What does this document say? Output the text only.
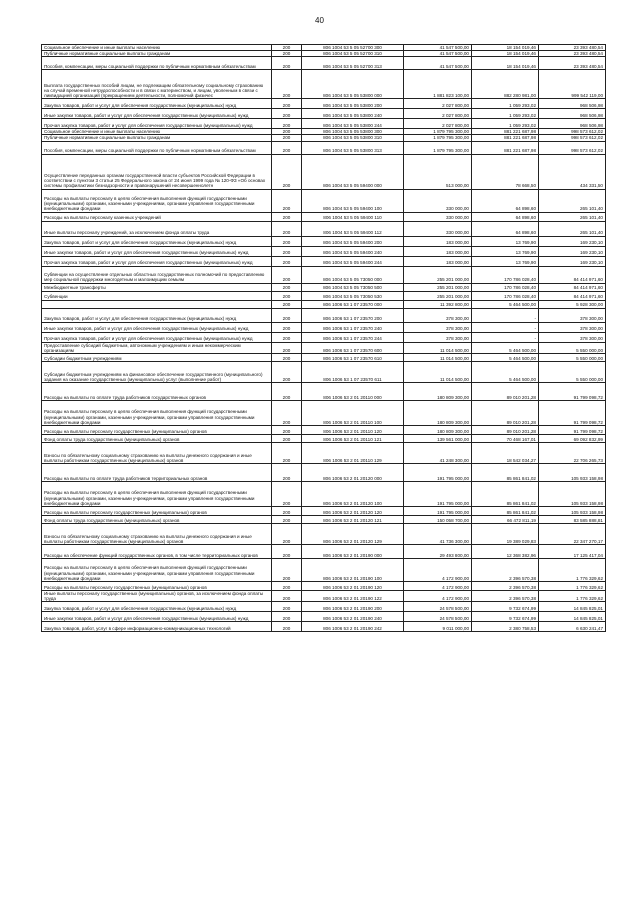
40
Социальное обеспечение и иные выплаты населению	200	806 1004 53 5 05 52700 300	41 547 500,00	18 154 019,46	23 393 480,54
Публичные нормативные социальные выплаты гражданам	200	806 1004 53 5 05 52700 310	41 547 500,00	18 154 019,46	23 393 480,54
Пособия, компенсации, меры социальной поддержки по публичным нормативным обязательствам	200	806 1004 53 5 05 52700 313	41 547 500,00	18 154 019,46	23 393 480,54
Выплата государственных пособий лицам, не подлежащим обязательному социальному страхованию на случай временной нетрудоспособности и в связи с материнством, и лицам, уволенным в связи с ликвидацией организаций (прекращением деятельности, полномочий физичес	200	806 1004 53 5 05 53800 000	1 881 823 100,00	882 280 981,00	999 542 119,00
Закупка товаров, работ и услуг для обеспечения государственных (муниципальных) нужд	200	806 1004 53 5 05 53800 200	2 027 800,00	1 059 293,02	968 506,98
Иные закупки товаров, работ и услуг для обеспечения государственных (муниципальных) нужд	200	806 1004 53 5 05 53800 240	2 027 800,00	1 059 293,02	968 506,98
Прочая закупка товаров, работ и услуг для обеспечения государственных (муниципальных) нужд	200	806 1004 53 5 05 53800 244	2 027 800,00	1 059 293,02	968 506,98
Социальное обеспечение и иные выплаты населению	200	806 1004 53 5 05 53800 300	1 879 795 300,00	881 221 687,98	998 573 612,02
Публичные нормативные социальные выплаты гражданам	200	806 1004 53 5 05 53800 310	1 879 795 300,00	881 221 687,98	998 573 612,02
Пособия, компенсации, меры социальной поддержки по публичным нормативным обязательствам	200	806 1004 53 5 05 53800 313	1 879 795 300,00	881 221 687,98	998 573 612,02
Осуществление переданных органам государственной власти субъектов Российской Федерации в соответствии с пунктом 3 статьи 25 Федерального закона от 24 июня 1999 года № 120-ФЗ «Об основах системы профилактики безнадзорности и правонарушений несовершеннолетн	200	806 1004 53 5 05 59400 000	513 000,00	78 668,50	434 331,50
Расходы на выплаты персоналу в целях обеспечения выполнения функций государственными (муниципальными) органами, казенными учреждениями, органами управления государственными внебюджетными фондами	200	806 1004 53 5 05 59400 100	330 000,00	64 898,60	265 101,40
Расходы на выплаты персоналу казенных учреждений	200	806 1004 53 5 05 59400 110	330 000,00	64 898,60	265 101,40
Иные выплаты персоналу учреждений, за исключением фонда оплаты труда	200	806 1004 53 5 05 59400 112	330 000,00	64 898,60	265 101,40
Закупка товаров, работ и услуг для обеспечения государственных (муниципальных) нужд	200	806 1004 53 5 05 59400 200	183 000,00	13 769,90	169 230,10
Иные закупки товаров, работ и услуг для обеспечения государственных (муниципальных) нужд	200	806 1004 53 5 05 59400 240	183 000,00	13 769,90	169 230,10
Прочая закупка товаров, работ и услуг для обеспечения государственных (муниципальных) нужд	200	806 1004 53 5 05 59400 244	183 000,00	13 769,90	169 230,10
Субвенции на осуществление отдельных областных государственных полномочий по предоставлению мер социальной поддержки многодетным и малоимущим семьям	200	806 1004 53 5 05 73050 000	255 201 000,00	170 786 028,40	84 414 971,60
Межбюджетные трансферты	200	806 1004 53 5 05 73050 500	255 201 000,00	170 786 028,40	84 414 971,60
Субвенции	200	806 1004 53 5 05 73050 530	255 201 000,00	170 786 028,40	84 414 971,60
	200	806 1006 53 1 07 23570 000	11 392 800,00	5 464 500,00	5 928 300,00
Закупка товаров, работ и услуг для обеспечения государственных (муниципальных) нужд	200	806 1006 53 1 07 23570 200	378 300,00	-	378 300,00
Иные закупки товаров, работ и услуг для обеспечения государственных (муниципальных) нужд	200	806 1006 53 1 07 23570 240	378 300,00	-	378 300,00
Прочая закупка товаров, работ и услуг для обеспечения государственных (муниципальных) нужд	200	806 1006 53 1 07 23570 244	378 300,00	-	378 300,00
Предоставление субсидий бюджетным, автономным учреждениям и иным некоммерческим организациям	200	806 1006 53 1 07 23570 600	11 014 500,00	5 464 500,00	5 550 000,00
Субсидии бюджетным учреждениям	200	806 1006 53 1 07 23570 610	11 014 500,00	5 464 500,00	5 550 000,00
Субсидии бюджетным учреждениям на финансовое обеспечение государственного (муниципального) задания на оказание государственных (муниципальных) услуг (выполнение работ)	200	806 1006 53 1 07 23570 611	11 014 500,00	5 464 500,00	5 550 000,00
Расходы на выплаты по оплате труда работников государственных органов	200	806 1006 53 2 01 20110 000	180 809 300,00	89 010 201,28	91 799 098,72
Расходы на выплаты персоналу в целях обеспечения выполнения функций государственными (муниципальными) органами, казенными учреждениями, органами управления государственными внебюджетными фондами	200	806 1006 53 2 01 20110 100	180 809 300,00	89 010 201,28	91 799 098,72
Расходы на выплаты персоналу государственных (муниципальных) органов	200	806 1006 53 2 01 20110 120	180 809 300,00	89 010 201,28	91 799 098,72
Фонд оплаты труда государственных (муниципальных) органов	200	806 1006 53 2 01 20110 121	139 561 000,00	70 468 167,01	69 092 832,99
Взносы по обязательному социальному страхованию на выплаты денежного содержания и иные выплаты работникам государственных (муниципальных) органов	200	806 1006 53 2 01 20110 129	41 248 300,00	18 542 034,27	22 706 265,73
Расходы на выплаты по оплате труда работников территориальных органов	200	806 1006 53 2 01 20120 000	191 795 000,00	85 861 841,02	105 933 158,98
Расходы на выплаты персоналу в целях обеспечения выполнения функций государственными (муниципальными) органами, казенными учреждениями, органами управления государственными внебюджетными фондами	200	806 1006 53 2 01 20120 100	191 795 000,00	85 861 841,02	105 933 158,98
Расходы на выплаты персоналу государственных (муниципальных) органов	200	806 1006 53 2 01 20120 120	191 795 000,00	85 861 841,02	105 933 158,98
Фонд оплаты труда государственных (муниципальных) органов	200	806 1006 53 2 01 20120 121	150 058 700,00	66 472 811,19	83 585 888,81
Взносы по обязательному социальному страхованию на выплаты денежного содержания и иные выплаты работникам государственных (муниципальных) органов	200	806 1006 53 2 01 20120 129	41 736 300,00	19 389 029,83	22 347 270,17
Расходы на обеспечение функций государственных органов, в том числе территориальных органов	200	806 1006 53 2 01 20190 000	29 493 800,00	12 368 382,96	17 125 417,04
Расходы на выплаты персоналу в целях обеспечения выполнения функций государственными (муниципальными) органами, казенными учреждениями, органами управления государственными внебюджетными фондами	200	806 1006 53 2 01 20190 100	4 172 900,00	2 396 570,38	1 776 329,62
Расходы на выплаты персоналу государственных (муниципальных) органов	200	806 1006 53 2 01 20190 120	4 172 900,00	2 396 570,38	1 776 329,62
Иные выплаты персоналу государственных (муниципальных) органов, за исключением фонда оплаты труда	200	806 1006 53 2 01 20190 122	4 172 900,00	2 396 570,38	1 776 329,62
Закупка товаров, работ и услуг для обеспечения государственных (муниципальных) нужд	200	806 1006 53 2 01 20190 200	24 578 500,00	9 732 674,99	14 845 825,01
Иные закупки товаров, работ и услуг для обеспечения государственных (муниципальных) нужд	200	806 1006 53 2 01 20190 240	24 578 500,00	9 732 674,99	14 845 825,01
Закупка товаров, работ, услуг в сфере информационно-коммуникационных технологий	200	806 1006 53 2 01 20190 242	9 011 000,00	2 380 758,53	6 630 241,47
